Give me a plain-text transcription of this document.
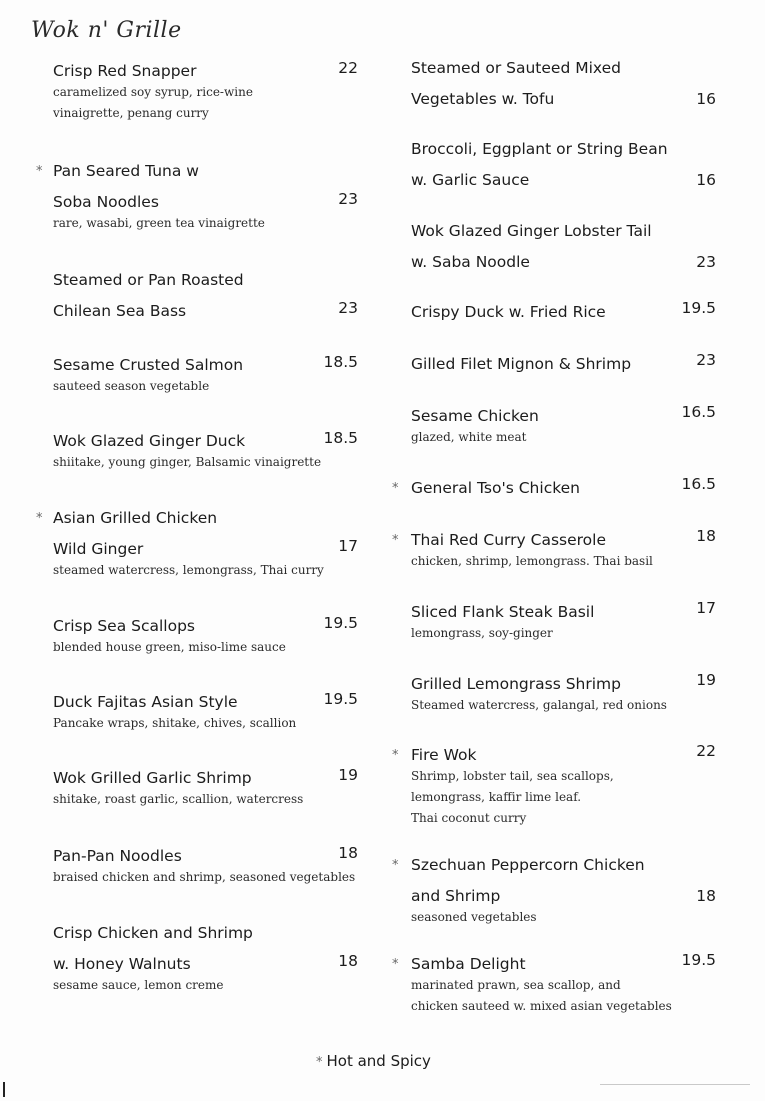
Wok n' Grille
Crisp Red Snapper	22
caramelized soy syrup, rice-wine
vinaigrette, penang curry
* Pan Seared Tuna w
Soba Noodles	23
rare, wasabi, green tea vinaigrette
Steamed or Pan Roasted
Chilean Sea Bass	23
Sesame Crusted Salmon	18.5
sauteed season vegetable
Wok Glazed Ginger Duck	18.5
shiitake, young ginger, Balsamic vinaigrette
* Asian Grilled Chicken
Wild Ginger	17
steamed watercress, lemongrass, Thai curry
Crisp Sea Scallops	19.5
blended house green, miso-lime sauce
Duck Fajitas Asian Style	19.5
Pancake wraps, shitake, chives, scallion
Wok Grilled Garlic Shrimp	19
shitake, roast garlic, scallion, watercress
Pan-Pan Noodles	18
braised chicken and shrimp, seasoned vegetables
Crisp Chicken and Shrimp
w. Honey Walnuts	18
sesame sauce, lemon creme
Steamed or Sauteed Mixed
Vegetables w. Tofu	16
Broccoli, Eggplant or String Bean
w. Garlic Sauce	16
Wok Glazed Ginger Lobster Tail
w. Saba Noodle	23
Crispy Duck w. Fried Rice	19.5
Gilled Filet Mignon & Shrimp	23
Sesame Chicken	16.5
glazed, white meat
* General Tso's Chicken	16.5
* Thai Red Curry Casserole	18
chicken, shrimp, lemongrass. Thai basil
Sliced Flank Steak Basil	17
lemongrass, soy-ginger
Grilled Lemongrass Shrimp	19
Steamed watercress, galangal, red onions
* Fire Wok	22
Shrimp, lobster tail, sea scallops,
lemongrass, kaffir lime leaf.
Thai coconut curry
* Szechuan Peppercorn Chicken
and Shrimp	18
seasoned vegetables
* Samba Delight	19.5
marinated prawn, sea scallop, and
chicken sauteed w. mixed asian vegetables
* Hot and Spicy
